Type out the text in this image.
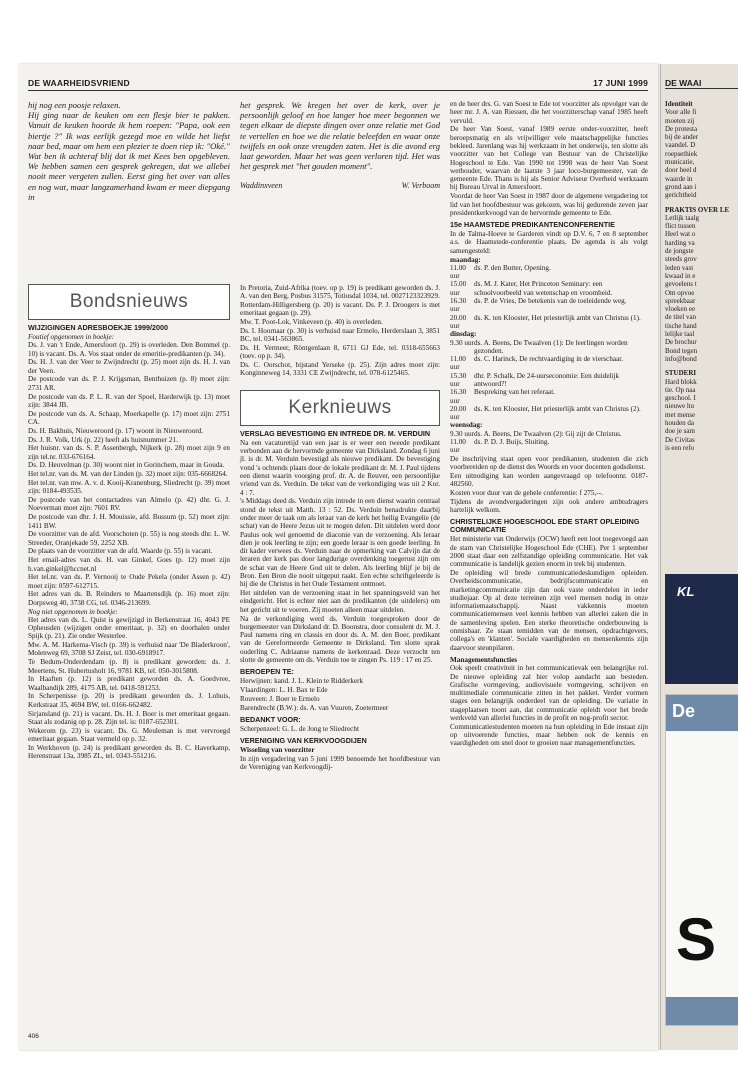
DE WAARHEIDSVRIEND	17 JUNI 1999

hij nog een poosje relaxen.

Hij ging naar de keuken om een flesje bier te pakken. Vanuit de keuken hoorde ik hem roepen: "Papa, ook een biertje ?" Ik was eerlijk gezegd moe en wilde het liefst naar bed, maar om hem een plezier te doen riep ik: "Oké."

Wat ben ik achteraf blij dat ik met Kees ben opgebleven. We hebben samen een gesprek gekregen, dat we allebei nooit meer vergeten zullen. Eerst ging het over van alles en nog wat, maar langzamerhand kwam er meer diepgang in

het gesprek. We kregen het over de kerk, over je persoonlijk geloof en hoe langer hoe meer begonnen we tegen elkaar de diepste dingen over onze relatie met God te vertellen en hoe we die relatie beleefden en waar onze twijfels en ook onze vreugden zaten. Het is die avond erg laat geworden. Maar het was geen verloren tijd. Het was het gesprek met "het gouden moment".

Waddinxveen	W. Verboom
Bondsnieuws
WIJZIGINGEN ADRESBOEKJE 1999/2000
Foutief opgenomen in boekje:

Ds. J. van 't Ende, Amersfoort (p. 29) is overleden. Den Bommel (p. 10) is vacant. Ds. A. Vos staat onder de emeritie-predikanten (p. 34).

Ds. H. J. van der Veer te Zwijndrecht (p. 25) moet zijn ds. H. J. van der Veen.

De postcode van ds. P. J. Krijgsman, Benthuizen (p. 8) moet zijn: 2731 AR.

De postcode van ds. P. L. R. van der Spoel, Harderwijk (p. 13) moet zijn: 3844 JB.

De postcode van ds. A. Schaap, Moerkapelle (p. 17) moet zijn: 2751 CA.

Ds. H. Bakhuis, Nieuweroord (p. 17) woont in Nieuweroord.

Ds. J. R. Volk, Urk (p. 22) heeft als huisnummer 21.

Het huisnr. van ds. S. P. Assenbergh, Nijkerk (p. 28) moet zijn 9 en zijn tel.nr. 033-676164.

Ds. D. Heuvelman (p. 30) woont niet in Gorinchem, maar in Gouda.

Het tel.nr. van ds. M. van der Linden (p. 32) moet zijn: 035-6668264.

Het tel.nr. van mw. A. v. d. Kooij-Kranenburg, Sliedrecht (p. 39) moet zijn: 0184-493535.

De postcode van het contactadres van Almelo (p. 42) dhr. G. J. Noeverman moet zijn: 7601 RV.

De postcode van dhr. J. H. Mouissie, afd. Bussum (p. 52) moet zijn: 1411 BW.

De voorzitter van de afd. Voorschoten (p. 55) is nog steeds dhr. L. W. Streeder, Oranjekade 59, 2252 XB.

De plaats van de voorzitter van de afd. Waarde (p. 55) is vacant.

Het email-adres van ds. H. van Ginkel, Goes (p. 12) moet zijn h.van.ginkel@hccnet.nl

Het tel.nr. van ds. P. Vernooij te Oude Pekela (onder Assen p. 42) moet zijn: 0597-612715.

Het adres van ds. B. Reinders te Maartensdijk (p. 16) moet zijn: Dorpsweg 40, 3738 CG, tel. 0346-213699.

Nog niet opgenomen in boekje:

Het adres van ds. L. Quist is gewijzigd in Berkenstraat 16, 4043 PE Opheusden (wijzigen onder emeritaat, p. 32) en doorhalen onder Spijk (p. 21). Zie onder Westerlee.

Mw. A. M. Harkema-Visch (p. 39) is verhuisd naar 'De Bladerkroon', Molenweg 69, 3708 SJ Zeist, tel. 030-6918917.

Te Bedum-Onderdendam (p. 8) is predikant geworden: ds. J. Meertens, St. Hubertusholt 16, 9781 KB, tel. 050-3015808.

In Haaften (p. 12) is predikant geworden ds. A. Goedvree, Waalbandijk 289, 4175 AB, tel. 0418-591253.

In Scherpenisse (p. 20) is predikant geworden ds. J. Lohuis, Kerkstraat 35, 4694 BW, tel. 0166-662482.

Sirjansland (p. 21) is vacant. Ds. H. J. Boer is met emeritaat gegaan. Staat als zodanig op p. 28. Zijn tel. is: 0187-652301.

Wekerom (p. 23) is vacant. Ds. G. Meuleman is met vervroegd emeritaat gegaan. Staat vermeld op p. 32.

In Werkhoven (p. 24) is predikant geworden ds. B. C. Haverkamp, Herenstraat 13a, 3985 ZL, tel. 0343-551216.

In Pretoria, Zuid-Afrika (toev. op p. 19) is predikant geworden ds. J. A. van den Berg, Posbus 31575, Totiusdal 1034, tel. 0027123323929.

Rotterdam-Hilligersberg (p. 20) is vacant. Ds. P. J. Droogers is met emeritaat gegaan (p. 29).

Mw. T. Poot-Lok, Vinkeveen (p. 40) is overleden.

Ds. I. Hoornaar (p. 30) is verhuisd naar Ermelo, Herderslaan 3, 3851 BC, tel. 0341-563865.

Ds. H. Vermeer, Röntgenlaan 8, 6711 GJ Ede, tel. 0318-655663 (toev. op p. 34).

Ds. C. Oorschot, bijstand Yerseke (p. 25). Zijn adres moet zijn: Konginneweg 14, 3331 CE Zwijndrecht, tel. 078-6125465.

Kerknieuws
VERSLAG BEVESTIGING EN INTREDE DR. M. VERDUIN

Na een vacaturetijd van een jaar is er weer een tweede predikant verbonden aan de hervormde gemeente van Dirksland. Zondag 6 juni jl. is dr. M. Verduin bevestigd als nieuwe predikant. De bevestiging vond 's ochtends plaats door de lokale predikant dr. M. J. Paul tijdens een dienst waarin voorging prof. dr. A. de Reuver, een persoonlijke vriend van ds. Verduin. De tekst van de verkondiging was uit 2 Kor. 4 : 7.

's Middags deed ds. Verduin zijn intrede in een dienst waarin centraal stond de tekst uit Matth. 13 : 52. Ds. Verduin benadrukte daarbij onder meer de taak om als leraar van de kerk het heilig Evangelie (de schat) van de Heere Jezus uit te mogen delen. Dit uitdelen werd door Paulus ook wel genoemd de diaconie van de verzoening. Als leraar dien je ook leerling te zijn; een goede leraar is een goede leerling. In dit kader verwees ds. Verduin naar de opmerking van Calvijn dat de leraren der kerk pas door langdurige overdenking toegerust zijn om de schat van de Heere God uit te delen. Als leerling blijf je bij de Bron. Een Bron die nooit uitgeput raakt. Een echte schriftgeleerde is hij die de Christus in het Oude Testament ontmoet.

Het uitdelen van de verzoening staat in het spanningsveld van het eindgericht. Het is echter niet aan de predikanten (de uitdelers) om het gericht uit te voeren. Zij moeten alleen maar uitdelen.

Na de verkondiging werd ds. Verduin toegesproken door de burgemeester van Dirksland dr. D. Boonstra, door consulent dr. M. J. Paul namens ring en classis en door ds. A. M. den Boer, predikant van de Gereformeerde Gemeente te Dirksland. Ten slotte sprak ouderling C. Adriaanse namens de kerkenraad. Deze verzocht ten slotte de gemeente om ds. Verduin toe te zingen Ps. 119 : 17 en 25.

BEROEPEN TE:

Herwijnen: kand. J. L. Klein te Ridderkerk

Vlaardingen: L. H. Bax te Ede

Rouveen: J. Boer te Ermelo

Barendrecht (B.W.): ds. A. van Vuuren, Zoetermeer

BEDANKT VOOR:

Scherpenzeel: G. L. de Jong te Sliedrecht

VERENIGING VAN KERKVOOGDIJEN
Wisseling van voorzitter

In zijn vergadering van 5 juni 1999 benoemde het hoofdbestuur van de Vereniging van Kerkvoogdij-

en de heer drs. G. van Soest te Ede tot voorzitter als opvolger van de heer mr. J. A. van Riessen, die het voorzitterschap vanaf 1985 heeft vervuld.

De heer Van Soest, vanaf 1989 eerste onder-voorzitter, heeft beroepsmatig en als vrijwilliger vele maatschappelijke functies bekleed. Jarenlang was hij werkzaam in het onderwijs, ten slotte als voorzitter van het College van Bestuur van de Christelijke Hogeschool te Ede. Van 1990 tot 1998 was de heer Van Soest wethouder, waarvan de laatste 3 jaar loco-burgemeester, van de gemeente Ede. Thans is hij als Senior Adviseur Overheid werkzaam bij Bureau Urval in Amersfoort.

Voordat de heer Van Soest in 1987 door de algemene vergadering tot lid van het hoofdbestuur was gekozen, was hij gedurende zeven jaar presidentkerkvoogd van de hervormde gemeente te Ede.

15e HAAMSTEDE PREDIKANTENCONFERENTIE

In de Talma-Hoeve te Garderen vindt op D.V. 6, 7 en 8 september a.s. de Haamstede-conferentie plaats. De agenda is als volgt samengesteld:

maandag:
11.00 uur
ds. P. den Butter, Opening.
15.00 uur
ds. M. J. Kater, Het Princeton Seminary: een schoolvoorbeeld van wetenschap en vroomheid.
16.30 uur
ds. P. de Vries, De betekenis van de toeleidende weg.
20.00 uur
ds. K. ten Klooster, Het priesterlijk ambt van Christus (1).
dinsdag:
9.30 uur ds. A. Beens, De Twaalven (1): De leerlingen worden gezonden.
11.00 uur
ds. C. Harinck, De rechtvaardiging in de vierschaar.
15.30 uur
dhr. P. Schalk, De 24-uurseconomie: Een duidelijk antwoord?!
16.30 uur
Bespreking van het referaat.
20.00 uur
ds. K. ten Klooster, Het priesterlijk ambt van Christus (2).
woensdag:
9.30 uur ds. A. Beens, De Twaalven (2): Gij zijt de Christus.
11.00 uur
ds. P. D. J. Buijs, Sluiting.

De inschrijving staat open voor predikanten, studenten die zich voorbereiden op de dienst des Woords en voor docenten godsdienst.

Een uitnodiging kan worden aangevraagd op telefoonnr. 0187-482560.

Kosten voor duur van de gehele conferentie: f 275,--.

Tijdens de avondvergaderingen zijn ook andere ambtsdragers hartelijk welkom.

CHRISTELIJKE HOGESCHOOL EDE START OPLEIDING COMMUNICATIE

Het ministerie van Onderwijs (OCW) heeft een loot toegevoegd aan de stam van Christelijke Hogeschool Ede (CHE). Per 1 september 2000 staat daar een zelfstandige opleiding communicatie. Het vak communicatie is landelijk gezien enorm in trek bij studenten.

De opleiding wil brede communicatiedeskundigen opleiden. Overheidscommunicatie, bedrijfscommunicatie en marketingcommunicatie zijn dan ook vaste onderdelen in ieder studiejaar. Op al deze terreinen zijn veel mensen nodig in onze informatiemaatschappij. Naast vakkennis moeten communicatiemensen veel kennis hebben van allerlei zaken die in de samenleving spelen. Een sterke theoretische onderbouwing is onmisbaar. Ze staan temidden van de mensen, opdrachtgevers, collega's en 'klanten'. Sociale vaardigheden en mensenkennis zijn daarvoor steunpilaren.

Managementsfuncties

Ook speelt creativiteit in het communicatievak een belangrijke rol. De nieuwe opleiding zal hier volop aandacht aan besteden. Grafische vormgeving, audiovisuele vormgeving, schrijven en multimediale communicatie zitten in het pakket. Verder vormen stages een belangrijk onderdeel van de opleiding. De variatie in stageplaatsen toont aan, dat communicatie opleidt voor het brede werkveld van allerlei functies in de profit en nog-profit sector.

Communicatiestudenten moeten na hun opleiding in Ede instaat zijn op uitvoerende functies, maar hebben ook de kennis en vaardigheden om snel door te groeien naar managementfuncties.

406
DE WAAI
Identiteit
Voor alle fi
moeten zij
De protesta
bij de ander
vaandel. D
roepsethiek
municatie,
door heel d
waarde in
grond aan i
gerichtheid
PRAKTIS OVER LE
Letlijk taalg
flict tussen
Heel wat o
harding va
de jongste
steeds grov
leden vast
kwaad in e
gevoelens t
Om opvoe
spreekbaar
vloeken ee
de titel van
tische hand
lelijke taal
De brochur
Bond tegen
info@bond
STUDERI
Hard blokk
tie. Op naa
geschool. I
nieuwe hu
met mense
houden da
doe je sam
De Civitas
is een refo
KL
De
S
